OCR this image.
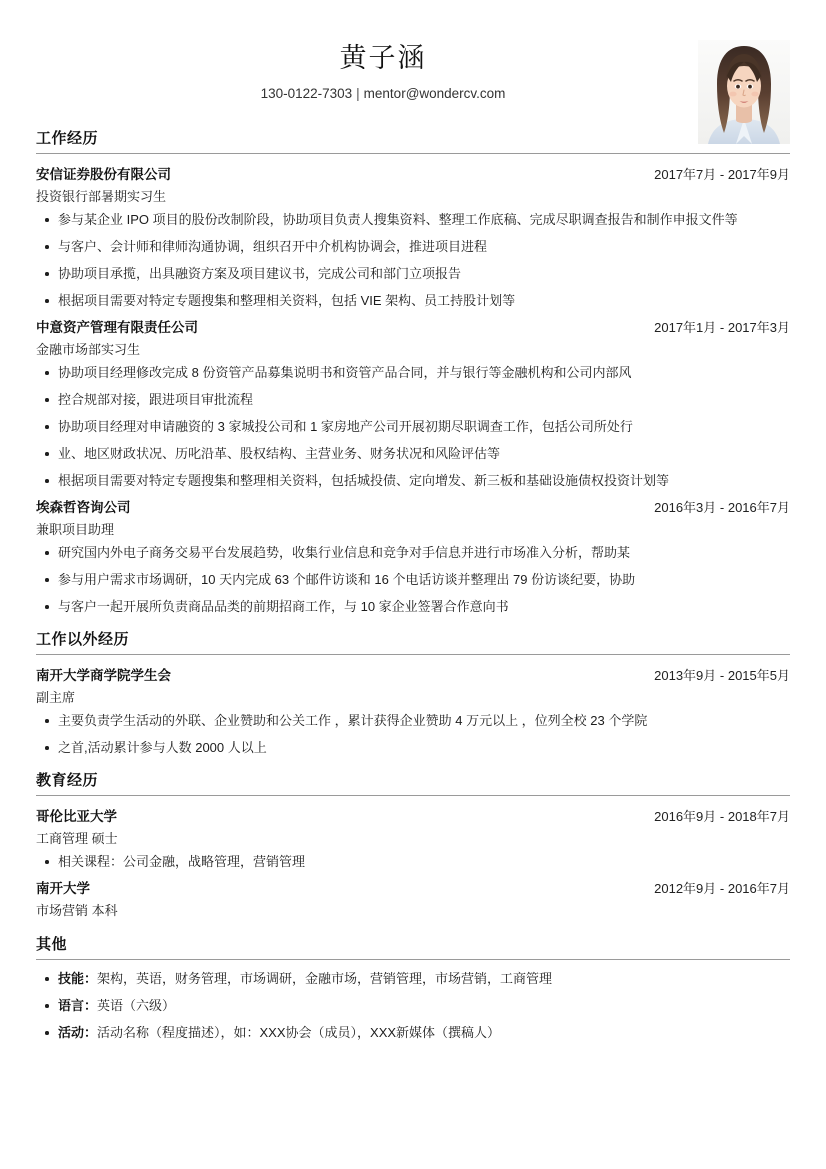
黄子涵
130-0122-7303 | mentor@wondercv.com
工作经历
安信证券股份有限公司	2017年7月 - 2017年9月
投资银行部暑期实习生
参与某企业 IPO 项目的股份改制阶段，协助项目负责人搜集资料、整理工作底稿、完成尽职调查报告和制作申报文件等
与客户、会计师和律师沟通协调，组织召开中介机构协调会，推进项目进程
协助项目承揽，出具融资方案及项目建议书，完成公司和部门立项报告
根据项目需要对特定专题搜集和整理相关资料，包括 VIE 架构、员工持股计划等
中意资产管理有限责任公司	2017年1月 - 2017年3月
金融市场部实习生
协助项目经理修改完成 8 份资管产品募集说明书和资管产品合同，并与银行等金融机构和公司内部风
控合规部对接，跟进项目审批流程
协助项目经理对申请融资的 3 家城投公司和 1 家房地产公司开展初期尽职调查工作，包括公司所处行
业、地区财政状况、历叱沿革、股权结构、主营业务、财务状况和风险评估等
根据项目需要对特定专题搜集和整理相关资料，包括城投债、定向增发、新三板和基础设施债权投资计划等
埃森哲咨询公司	2016年3月 - 2016年7月
兼职项目助理
研究国内外电子商务交易平台发展趋势，收集行业信息和竞争对手信息并进行市场准入分析，帮助某
参与用户需求市场调研，10 天内完成 63 个邮件访谈和 16 个电话访谈并整理出 79 份访谈纪要，协助
与客户一起开展所负责商品品类的前期招商工作，与 10 家企业签署合作意向书
工作以外经历
南开大学商学院学生会	2013年9月 - 2015年5月
副主席
主要负责学生活动的外联、企业赞助和公关工作 ，累计获得企业赞助 4 万元以上 ，位列全校 23 个学院
之首,活动累计参与人数 2000 人以上
教育经历
哥伦比亚大学	2016年9月 - 2018年7月
工商管理 硕士
相关课程：公司金融，战略管理，营销管理
南开大学	2012年9月 - 2016年7月
市场营销 本科
其他
技能：架构，英语，财务管理，市场调研，金融市场，营销管理，市场营销，工商管理
语言：英语（六级）
活动：活动名称（程度描述），如：XXX协会（成员），XXX新媒体（撰稿人）
